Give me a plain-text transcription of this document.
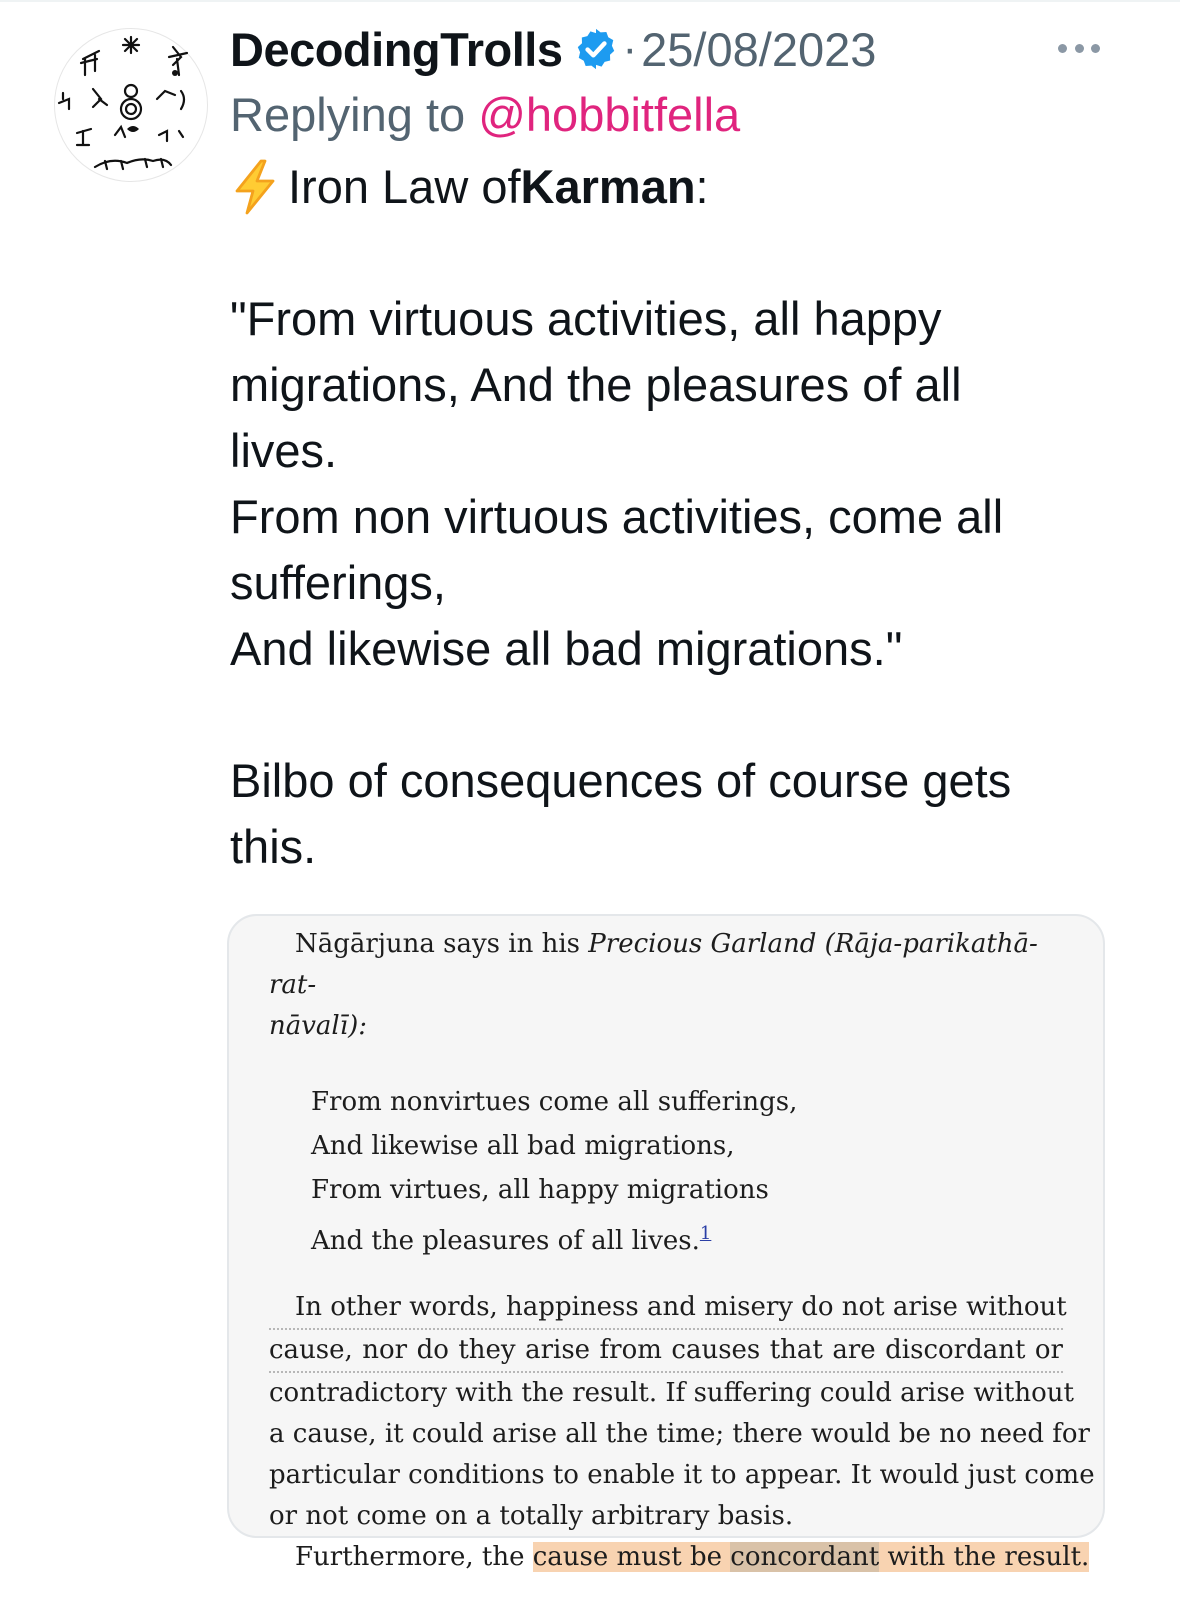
DecodingTrolls · 25/08/2023
Replying to @hobbitfella

Iron Law of Karman :

"From virtuous activities, all happy
migrations, And the pleasures of all
lives.
From non virtuous activities, come all
sufferings,
And likewise all bad migrations."
Bilbo of consequences of course gets
this.
Nāgārjuna says in his Precious Garland (Rāja-parikathā-rat-
nāvalī):
From nonvirtues come all sufferings,
And likewise all bad migrations,
From virtues, all happy migrations
And the pleasures of all lives.$^1$
In other words, happiness and misery do not arise without
cause, nor do they arise from causes that are discordant or
contradictory with the result. If suffering could arise without
a cause, it could arise all the time; there would be no need for
particular conditions to enable it to appear. It would just come
or not come on a totally arbitrary basis.
Furthermore, the cause must be concordant with the result.
